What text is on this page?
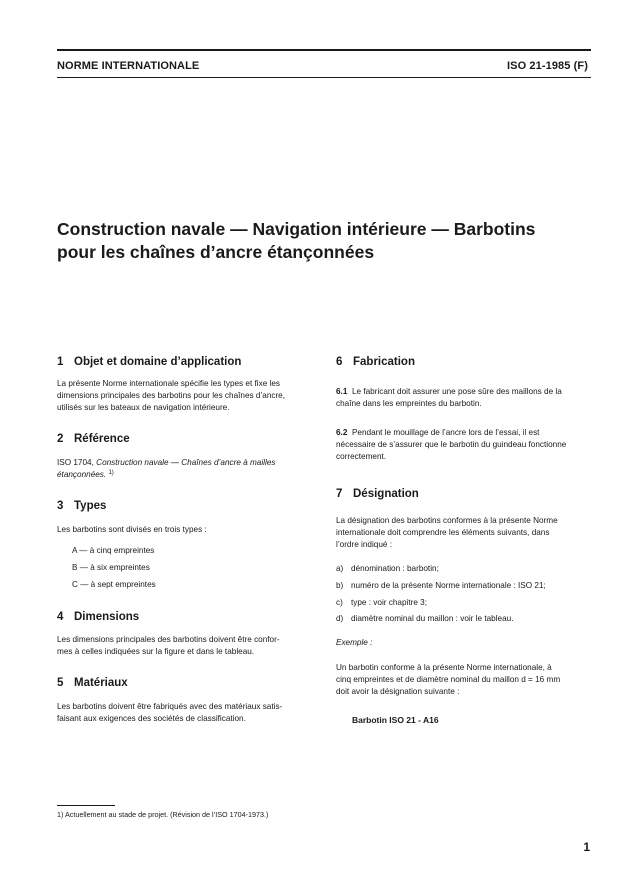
NORME INTERNATIONALE	ISO 21-1985 (F)
Construction navale — Navigation intérieure — Barbotins
pour les chaînes d’ancre étançonnées
1 Objet et domaine d’application
La présente Norme internationale spécifie les types et fixe les
dimensions principales des barbotins pour les chaînes d’ancre,
utilisés sur les bateaux de navigation intérieure.
2 Référence
ISO 1704, Construction navale — Chaînes d’ancre à mailles
étançonnées. $^{1)}$
3 Types
Les barbotins sont divisés en trois types :
A — à cinq empreintes
B — à six empreintes
C — à sept empreintes
4 Dimensions
Les dimensions principales des barbotins doivent être confor-
mes à celles indiquées sur la figure et dans le tableau.
5 Matériaux
Les barbotins doivent être fabriqués avec des matériaux satis-
faisant aux exigences des sociétés de classification.
6 Fabrication
6.1 Le fabricant doit assurer une pose sûre des maillons de la
chaîne dans les empreintes du barbotin.
6.2 Pendant le mouillage de l’ancre lors de l’essai, il est
nécessaire de s’assurer que le barbotin du guindeau fonctionne
correctement.
7 Désignation
La désignation des barbotins conformes à la présente Norme
internationale doit comprendre les éléments suivants, dans
l’ordre indiqué :
a) dénomination : barbotin;
b) numéro de la présente Norme internationale : ISO 21;
c) type : voir chapitre 3;
d) diamètre nominal du maillon : voir le tableau.
Exemple :
Un barbotin conforme à la présente Norme internationale, à
cinq empreintes et de diamètre nominal du maillon d = 16 mm
doit avoir la désignation suivante :
Barbotin ISO 21 - A16
1) Actuellement au stade de projet. (Révision de l’ISO 1704-1973.)
1
